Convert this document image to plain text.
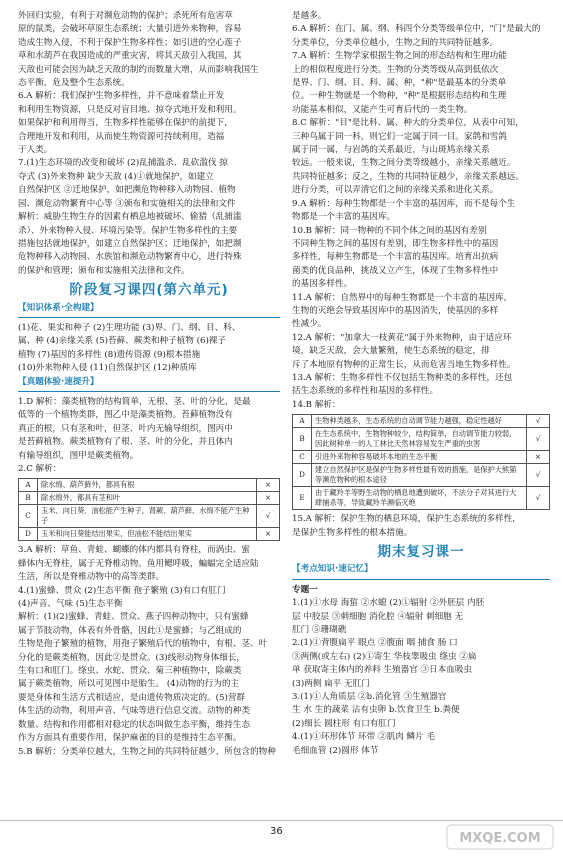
外回归实验，有利于对濒危动物的保护；杀死所有危害草

原的鼠类，会破坏草原生态系统；大量引进外来物种，容易

造成生物入侵，不利于保护生物多样性；如引进的空心莲子

草和水葫芦在我国造成的严重灾害，将其天敌引入我国，其

天敌也可能会因为缺乏天敌的制约而数量大增，从而影响我国生

态平衡，危及整个生态系统。

6.A 解析：我们保护生物多样性，并不意味着禁止开发

和利用生物资源，只是反对盲目地、掠夺式地开发和利用。

如果保护和利用得当，生物多样性能够在保护的前提下，

合理地开发和利用，从而使生物资源可持续利用，造福

于人类。

7.(1)生态环境的改变和破坏 (2)乱捕滥杀、乱砍滥伐 掠

夺式 (3)外来物种 缺少天敌 (4)①就地保护，如建立

自然保护区 ②迁地保护，如把濒危物种移入动物园、植物

园、濒危动物繁育中心等 ③颁布和实施相关的法律和文件

解析：威胁生物生存的因素有栖息地被破坏、偷猎（乱捕滥

杀）、外来物种入侵、环境污染等。保护生物多样性的主要

措施包括就地保护，如建立自然保护区；迁地保护，如把濒

危物种移入动物园、水族馆和濒危动物繁育中心，进行特殊

的保护和管理；颁布和实施相关法律和文件。

阶段复习课四(第六单元)
【知识体系·全构建】

(1)花、果实和种子 (2)生理功能 (3)界、门、纲、目、科、

属、种 (4)亲缘关系 (5)苔藓、蕨类和种子植物 (6)裸子

植物 (7)基因的多样性 (8)遗传资源 (9)根本措施

(10)外来物种入侵 (11)自然保护区 (12)种质库

【真题体验·速提升】

1.D 解析：藻类植物的结构简单，无根、茎、叶的分化，是最

低等的一个植物类群，图乙中是藻类植物。苔藓植物没有

真正的根，只有茎和叶，但茎、叶内无输导组织，图丙中

是苔藓植物。蕨类植物有了根、茎、叶的分化，并且体内

有输导组织，图甲是蕨类植物。

2.C 解析：

A	除水绵、葫芦藓外，都具有根	×
B	除水绵外，都具有茎和叶	×
C	玉米、向日葵、油松能产生种子，肾蕨、葫芦藓、水绵不能产生种子	√
D	玉米和向日葵能结出果实，但油松不能结出果实	×

3.A 解析：草鱼、青蛙、蝴蝶的体内都具有脊柱，而涡虫、蜜

蜂体内无脊柱，属于无脊椎动物。鱼用鳃呼吸，蝙蝠完全适应陆

生活，所以是脊椎动物中的高等类群。

4.(1)蜜蜂、贯众 (2)生态平衡 孢子繁殖 (3)有口有肛门

(4)声音、气味 (5)生态平衡

解析：(1)(2)蜜蜂、青蛙、贯众、燕子四种动物中，只有蜜蜂

属于节肢动物，体表有外骨骼，因此①是蜜蜂；与乙组成的

生物是孢子繁殖的植物，用孢子繁殖后代的植物中，有根、茎、叶

分化的是蕨类植物，因此②是贯众。(3)线形动物身体细长，

生有口和肛门。绦虫、水蛇、贯众、菊三种植物中，除蕨类

属于蕨类植物，所以可见图中是胎生。 (4)动物的行为的主

要是身体和生活方式相适应，是由遗传物质决定的。(5)营群

体生活的动物，利用声音、气味等进行信息交流。动物的种类

数量、结构和作用都相对稳定的状态叫做生态平衡，维持生态

作为方面具有重要作用，保护麻雀的目的是维持生态平衡。

5.B 解析：分类单位越大，生物之间的共同特征越少，所包含的物种

是越多。

6.A 解析：在门、属、纲、科四个分类等级单位中，"门"是最大的

分类单位，分类单位越小，生物之间的共同特征越多。

7.A 解析：生物学家根据生物之间的形态结构和生理功能

上的相似程度进行分类。生物的分类等级从高到低依次

是界、门、纲、目、科、属、种，"种"是最基本的分类单

位。一种生物就是一个物种，"种"是根据形态结构和生理

功能基本相似，又能产生可育后代的一类生物。

8.C 解析："目"是比科、属、种大的分类单位，从表中可知，

三种鸟属于同一科，则它们一定属于同一目。家鸽和雪鸽

属于同一属，与岩鸽的关系最近，与山斑鸠亲缘关系

较远。一般来说，生物之间分类等级越小，亲缘关系越近。

共同特征越多；反之，生物的共同特征越少，亲缘关系越远。

进行分类，可以弄清它们之间的亲缘关系和进化关系。

9.A 解析：每种生物都是一个丰富的基因库，而不是每个生

物都是一个丰富的基因库。

10.B 解析：同一物种的不同个体之间的基因有差别

不同种生物之间的基因有差别，即生物多样性中的基因

多样性，每种生物都是一个丰富的基因库。培育出抗病

菌类的优良品种，挑战又立产生，体现了生物多样性中

的基因多样性。

11.A 解析：自然界中的每种生物都是一个丰富的基因库，

生物的灭绝会导致基因库中的基因消失，使基因的多样

性减少。

12.A 解析："加拿大一枝黄花"属于外来物种，由于适应环

境，缺乏天敌，会大量繁殖，使生态系统的稳定，排

斥了本地原有物种的正常生长，从而危害当地生物多样性。

13.A 解析：生物多样性不仅包括生物种类的多样性，还包

括生态系统的多样性和基因的多样性。

14.B 解析：

A	生物种类越多，生态系统的自动调节能力越强，稳定性越好	√
B	在生态系统中，生物物种较少，结构简单，自动调节能力较弱，因此树种单一的人工林比天然林容易发生严重的虫害	√
C	引进外来物种容易破坏本地的生态平衡	×
D	建立自然保护区是保护生物多样性最有效的措施，是保护大熊猫等濒危物种的根本途径	√
E	由于藏羚羊等野生动物的栖息地遭到破坏，不法分子对其进行大肆捕杀等，导致藏羚羊濒临灭绝	√

15.A 解析：保护生物的栖息环境，保护生态系统的多样性，

是保护生物多样性的根本措施。

期末复习课一
【考点知识·速记忆】

专题一

1.(1)①水母 海蜇 ②水螅 (2)①辐射 ②外胚层 内胚

层 中胶层 ③刺细胞 消化腔 ④辐射 刺细胞 无

肛门 ⑤珊瑚礁

2.(1)①背腹扁平 眼点 ②腹面 咽 捕食 肠 口

③两侧(或左右) (2)①寄生 华枝睾吸虫 绦虫 ②扁

单 获取寄主体内的养料 生殖器官 ③日本血吸虫

(3)两侧 扁平 无肛门

3.(1)①人角质层 ②b.消化管 ③生殖器官

生 水 生的蔬菜 沾有虫卵 b.饮食卫生 b.粪便

(2)细长 圆柱形 有口有肛门

4.(1)①环形体节 环带 ②肌肉 鳞片 毛

毛细血管 (2)圆形 体节

36	MXQE.COM
